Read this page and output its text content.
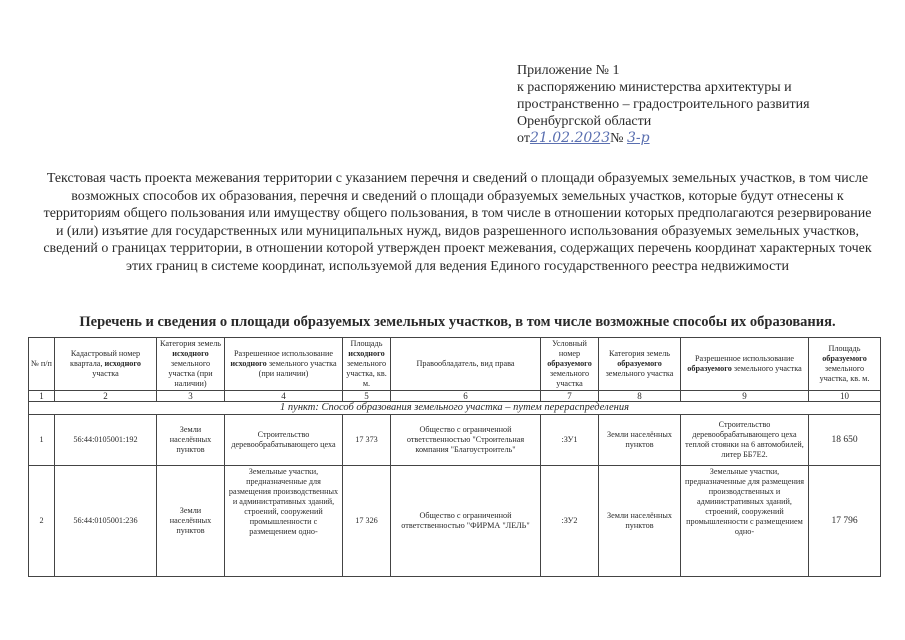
Приложение № 1
к распоряжению министерства архитектуры и
пространственно – градостроительного развития
Оренбургской области
от21.02.2023№ 3-р
Текстовая часть проекта межевания территории с указанием перечня и сведений о площади образуемых земельных участков, в том числе возможных способов их образования, перечня и сведений о площади образуемых земельных участков, которые будут отнесены к территориям общего пользования или имуществу общего пользования, в том числе в отношении которых предполагаются резервирование и (или) изъятие для государственных или муниципальных нужд, видов разрешенного использования образуемых земельных участков, сведений о границах территории, в отношении которой утвержден проект межевания, содержащих перечень координат характерных точек этих границ в системе координат, используемой для ведения Единого государственного реестра недвижимости
Перечень и сведения о площади образуемых земельных участков, в том числе возможные способы их образования.
№ п/п	Кадастровый номер квартала, исходного участка	Категория земель исходного земельного участка (при наличии)	Разрешенное использование исходного земельного участка (при наличии)	Площадь исходного земельного участка, кв. м.	Правообладатель, вид права	Условный номер образуемого земельного участка	Категория земель образуемого земельного участка	Разрешенное использование образуемого земельного участка	Площадь образуемого земельного участка, кв. м.
1	2	3	4	5	6	7	8	9	10
1 пункт: Способ образования земельного участка – путем перераспределения									
1	56:44:0105001:192	Земли населённых пунктов	Строительство деревообрабатывающего цеха	17 373	Общество с ограниченной ответственностью "Строительная компания "Благоустроитель"	:ЗУ1	Земли населённых пунктов	Строительство деревообрабатывающего цеха теплой стоянки на 6 автомобилей, литер ББ7Е2.	18 650
2	56:44:0105001:236	Земли населённых пунктов	Земельные участки, предназначенные для размещения производственных и административных зданий, строений, сооружений промышленности с размещением одно-	17 326	Общество с ограниченной ответственностью "ФИРМА "ЛЕЛЬ"	:ЗУ2	Земли населённых пунктов	Земельные участки, предназначенные для размещения производственных и административных зданий, строений, сооружений промышленности с размещением одно-	17 796
